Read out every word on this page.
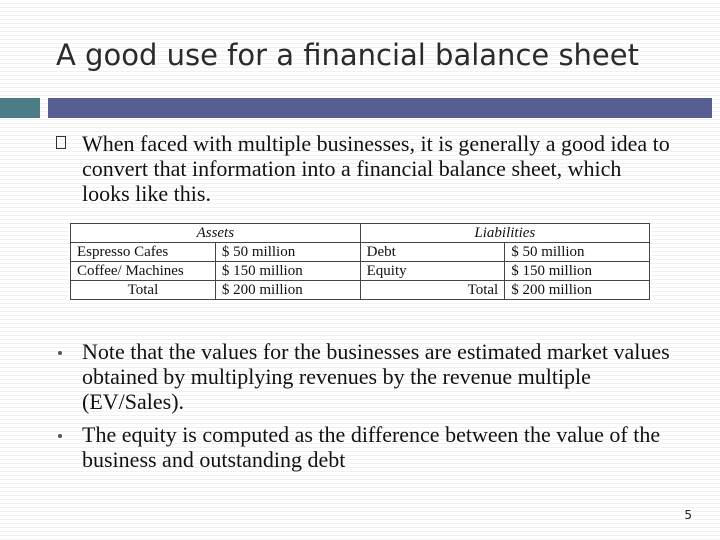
A good use for a financial balance sheet
When faced with multiple businesses, it is generally a good idea to convert that information into a financial balance sheet, which looks like this.
Assets		Liabilities	
Espresso Cafes	$ 50 million	Debt	$ 50 million
Coffee/ Machines	$ 150 million	Equity	$ 150 million
Total	$ 200 million	Total	$ 200 million
Note that the values for the businesses are estimated market values obtained by multiplying revenues by the revenue multiple (EV/Sales).
The equity is computed as the difference between the value of the business and outstanding debt
5
